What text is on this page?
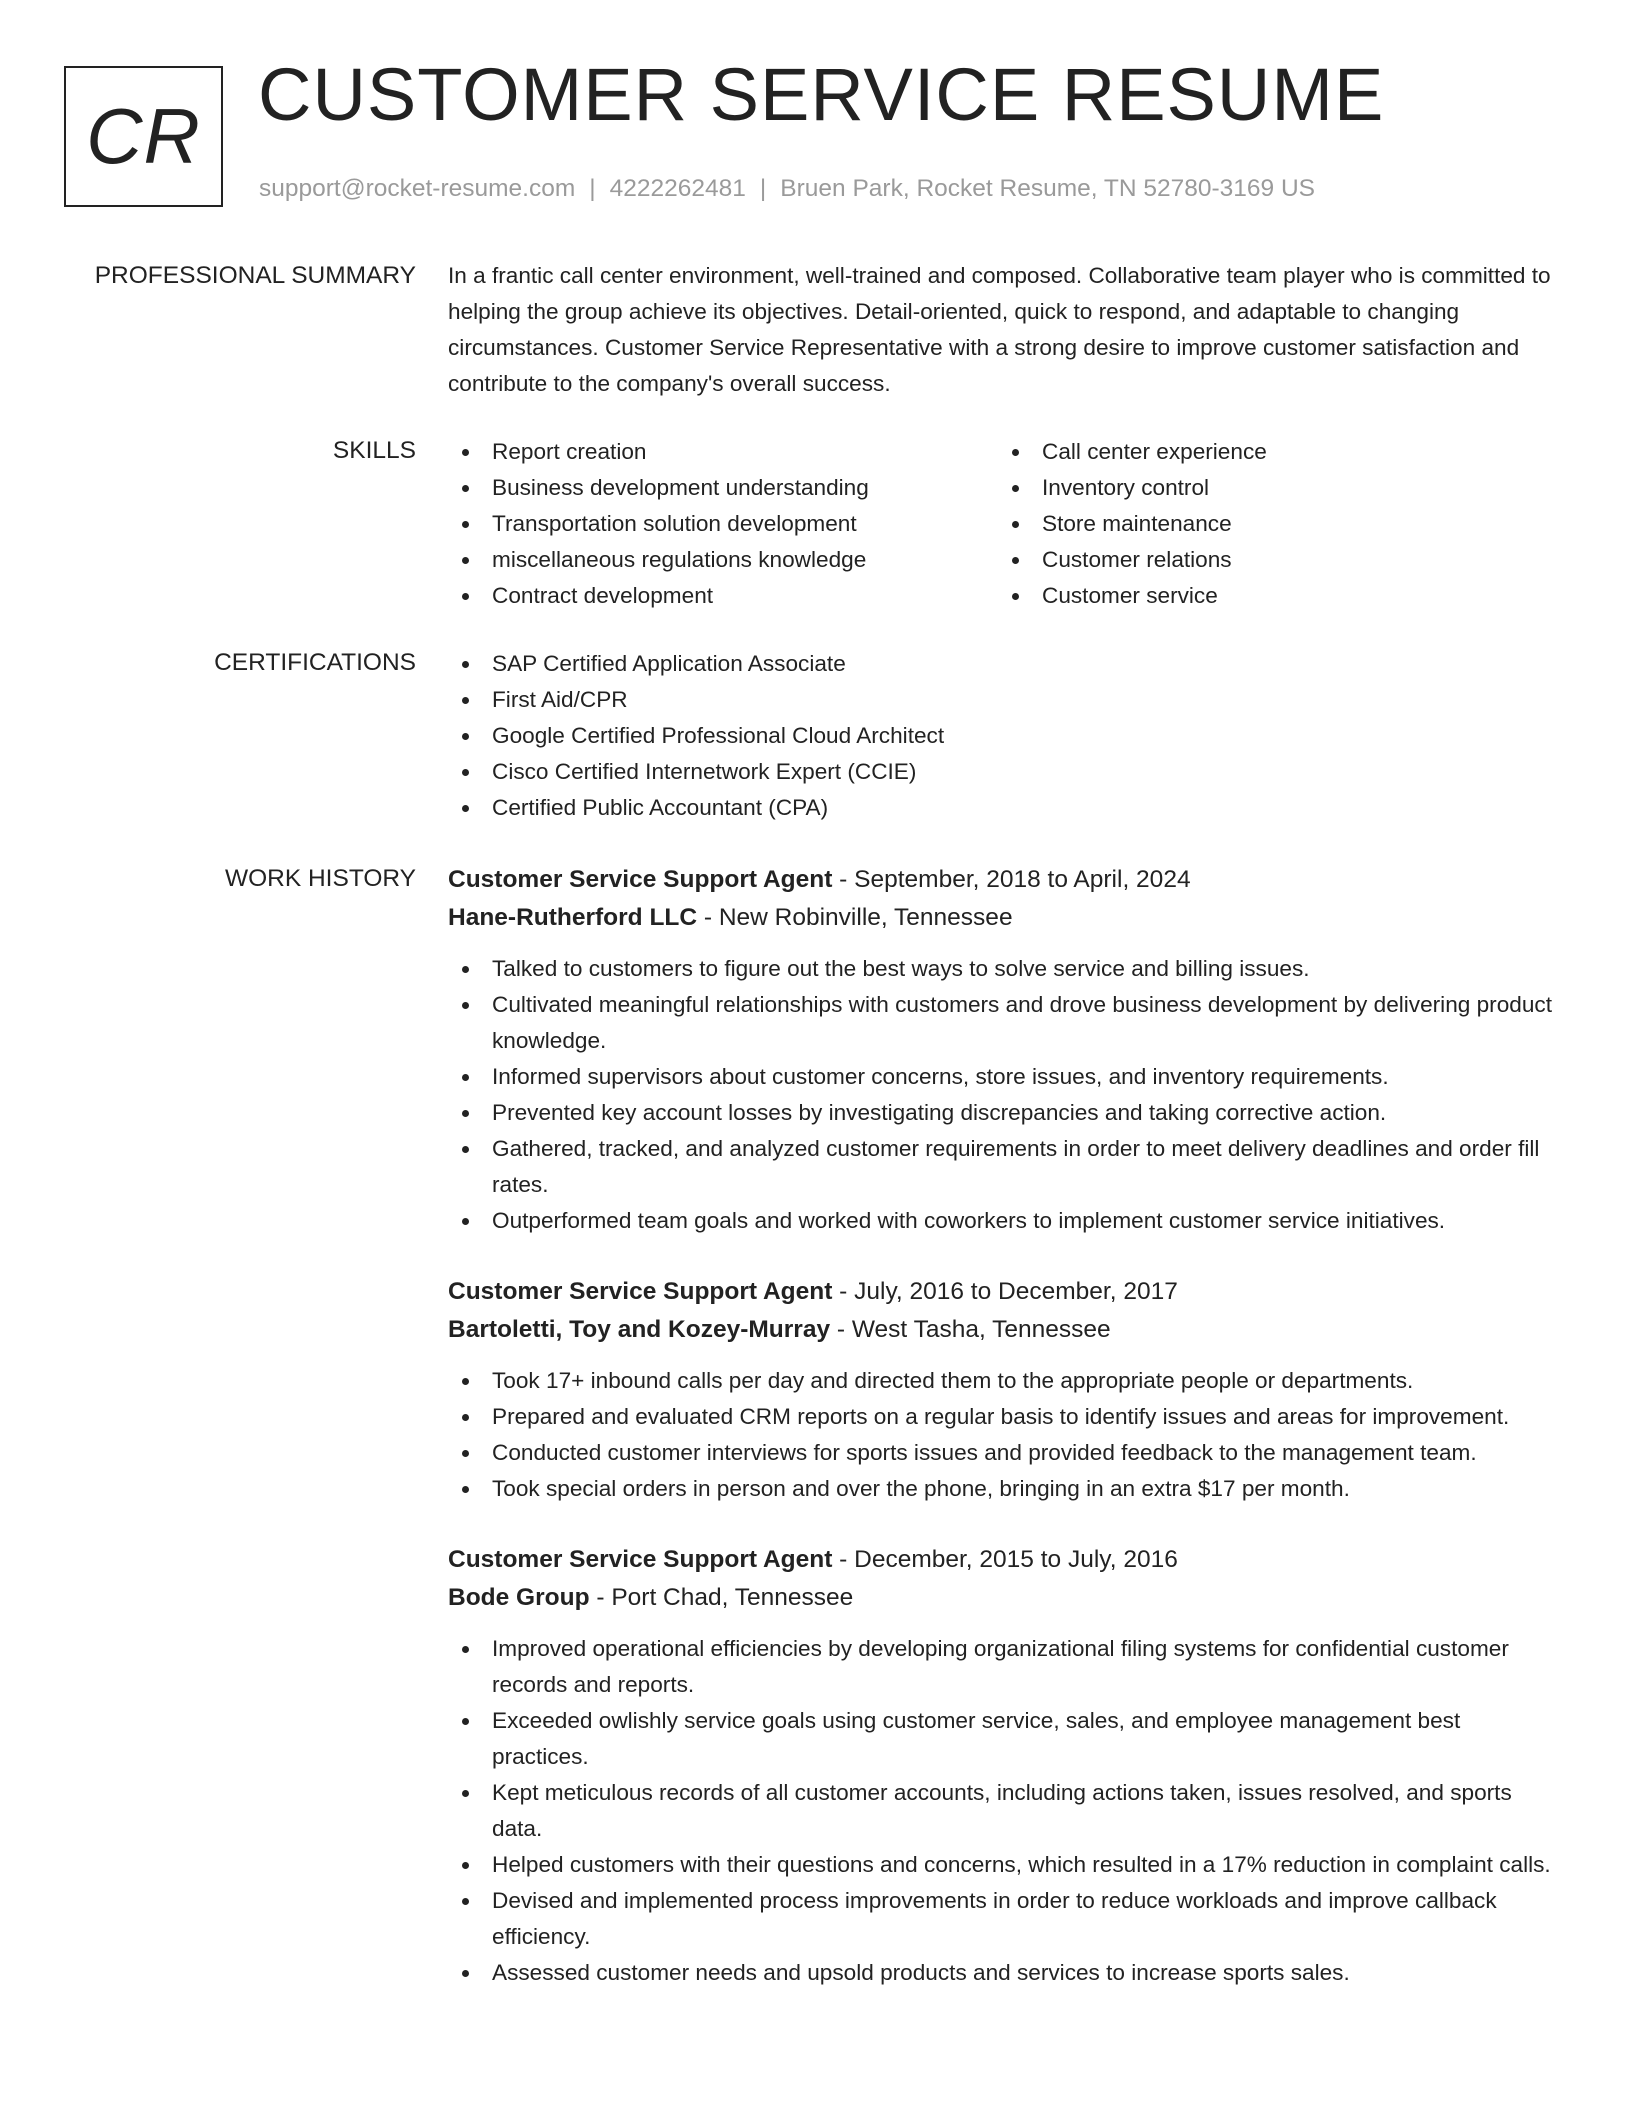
CR CUSTOMER SERVICE RESUME
support@rocket-resume.com | 4222262481 | Bruen Park, Rocket Resume, TN 52780-3169 US
PROFESSIONAL SUMMARY In a frantic call center environment, well-trained and composed. Collaborative team player who is committed to helping the group achieve its objectives. Detail-oriented, quick to respond, and adaptable to changing circumstances. Customer Service Representative with a strong desire to improve customer satisfaction and contribute to the company's overall success.

SKILLS	Report creation
Business development understanding
Transportation solution development
miscellaneous regulations knowledge
Contract development
Call center experience
Inventory control
Store maintenance
Customer relations
Customer service
CERTIFICATIONS	SAP Certified Application Associate
First Aid/CPR
Google Certified Professional Cloud Architect
Cisco Certified Internetwork Expert (CCIE)
Certified Public Accountant (CPA)
WORK HISTORY Customer Service Support Agent - September, 2018 to April, 2024
Hane-Rutherford LLC - New Robinville, Tennessee
Talked to customers to figure out the best ways to solve service and billing issues.
Cultivated meaningful relationships with customers and drove business development by delivering product knowledge.
Informed supervisors about customer concerns, store issues, and inventory requirements.
Prevented key account losses by investigating discrepancies and taking corrective action.
Gathered, tracked, and analyzed customer requirements in order to meet delivery deadlines and order fill rates.
Outperformed team goals and worked with coworkers to implement customer service initiatives.
Customer Service Support Agent - July, 2016 to December, 2017
Bartoletti, Toy and Kozey-Murray - West Tasha, Tennessee
Took 17+ inbound calls per day and directed them to the appropriate people or departments.
Prepared and evaluated CRM reports on a regular basis to identify issues and areas for improvement.
Conducted customer interviews for sports issues and provided feedback to the management team.
Took special orders in person and over the phone, bringing in an extra $17 per month.
Customer Service Support Agent - December, 2015 to July, 2016
Bode Group - Port Chad, Tennessee
Improved operational efficiencies by developing organizational filing systems for confidential customer records and reports.
Exceeded owlishly service goals using customer service, sales, and employee management best practices.
Kept meticulous records of all customer accounts, including actions taken, issues resolved, and sports data.
Helped customers with their questions and concerns, which resulted in a 17% reduction in complaint calls.
Devised and implemented process improvements in order to reduce workloads and improve callback efficiency.
Assessed customer needs and upsold products and services to increase sports sales.
